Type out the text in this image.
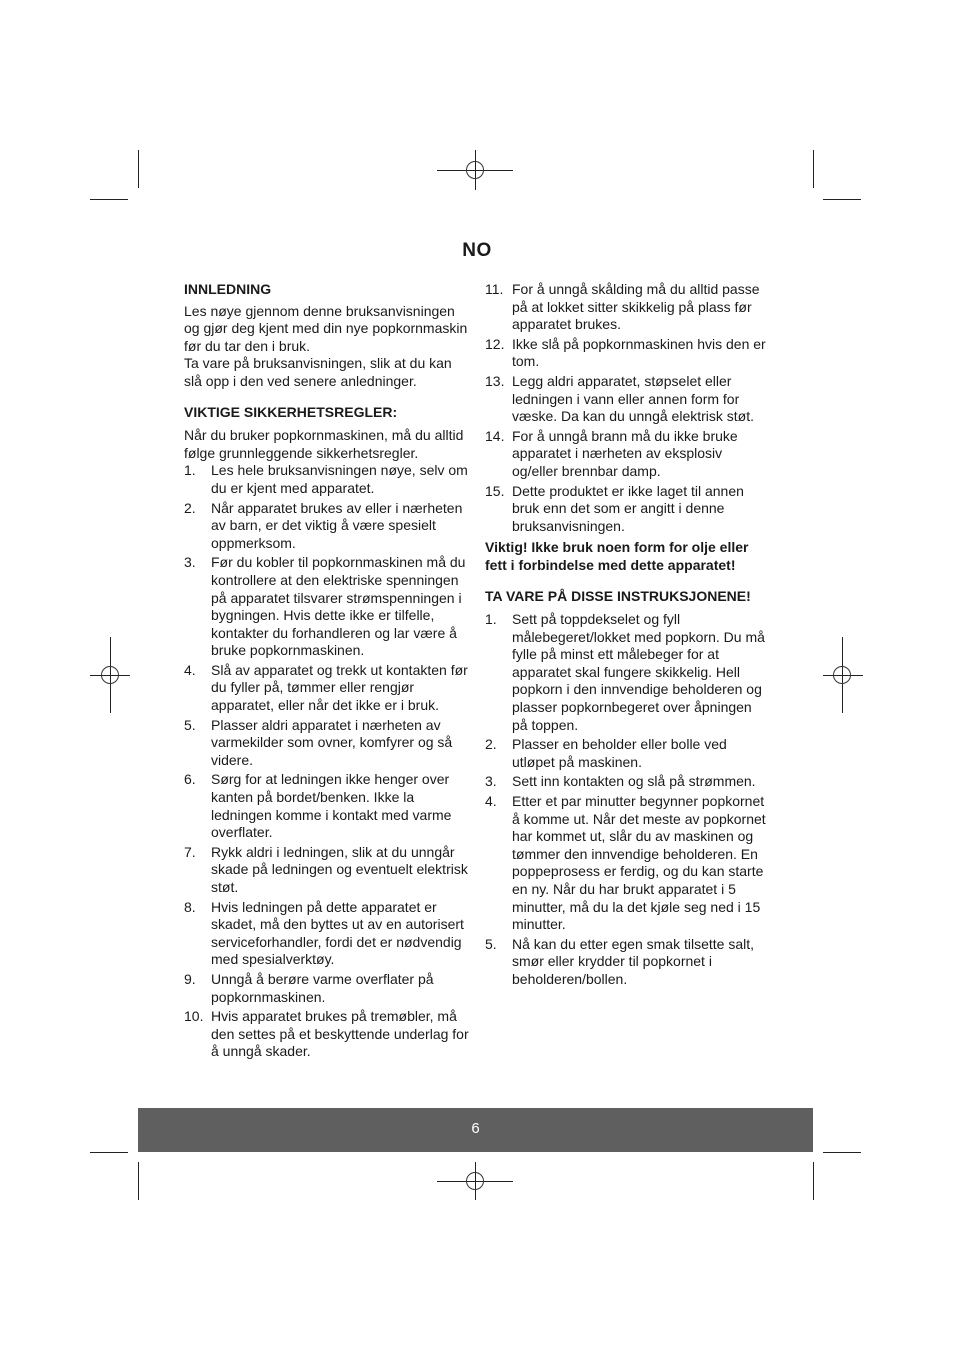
NO
INNLEDNING

Les nøye gjennom denne bruksanvisningen og gjør deg kjent med din nye popkornmaskin

før du tar den i bruk.

Ta vare på bruksanvisningen, slik at du kan slå opp i den ved senere anledninger.

VIKTIGE SIKKERHETSREGLER:

Når du bruker popkornmaskinen, må du alltid følge grunnleggende sikkerhetsregler.

1.	Les hele bruksanvisningen nøye, selv om du er kjent med apparatet.
2.	Når apparatet brukes av eller i nærheten av barn, er det viktig å være spesielt oppmerksom.
3.	Før du kobler til popkornmaskinen må du kontrollere at den elektriske spenningen på apparatet tilsvarer strømspenningen i bygningen. Hvis dette ikke er tilfelle, kontakter du forhandleren og lar være å bruke popkornmaskinen.
4.	Slå av apparatet og trekk ut kontakten før du fyller på, tømmer eller rengjør apparatet, eller når det ikke er i bruk.
5.	Plasser aldri apparatet i nærheten av varmekilder som ovner, komfyrer og så videre.
6.	Sørg for at ledningen ikke henger over kanten på bordet/benken. Ikke la ledningen komme i kontakt med varme overflater.
7.	Rykk aldri i ledningen, slik at du unngår skade på ledningen og eventuelt elektrisk støt.
8.	Hvis ledningen på dette apparatet er skadet, må den byttes ut av en autorisert serviceforhandler, fordi det er nødvendig med spesialverktøy.
9.	Unngå å berøre varme overflater på popkornmaskinen.
10. Hvis apparatet brukes på tremøbler, må den settes på et beskyttende underlag for å unngå skader.
11. For å unngå skålding må du alltid passe på at lokket sitter skikkelig på plass før apparatet brukes.
12. Ikke slå på popkornmaskinen hvis den er tom.
13. Legg aldri apparatet, støpselet eller ledningen i vann eller annen form for væske. Da kan du unngå elektrisk støt.
14. For å unngå brann må du ikke bruke apparatet i nærheten av eksplosiv og/eller brennbar damp.
15. Dette produktet er ikke laget til annen bruk enn det som er angitt i denne bruksanvisningen.

Viktig! Ikke bruk noen form for olje eller fett i forbindelse med dette apparatet!

TA VARE PÅ DISSE INSTRUKSJONENE!
1.	Sett på toppdekselet og fyll målebegeret/lokket med popkorn. Du må fylle på minst ett målebeger for at apparatet skal fungere skikkelig. Hell popkorn i den innvendige beholderen og plasser popkornbegeret over åpningen på toppen.
2.	Plasser en beholder eller bolle ved utløpet på maskinen.
3.	Sett inn kontakten og slå på strømmen.
4.	Etter et par minutter begynner popkornet å komme ut. Når det meste av popkornet har kommet ut, slår du av maskinen og tømmer den innvendige beholderen. En poppeprosess er ferdig, og du kan starte en ny. Når du har brukt apparatet i 5 minutter, må du la det kjøle seg ned i 15 minutter.
5.	Nå kan du etter egen smak tilsette salt, smør eller krydder til popkornet i beholderen/bollen.
6
